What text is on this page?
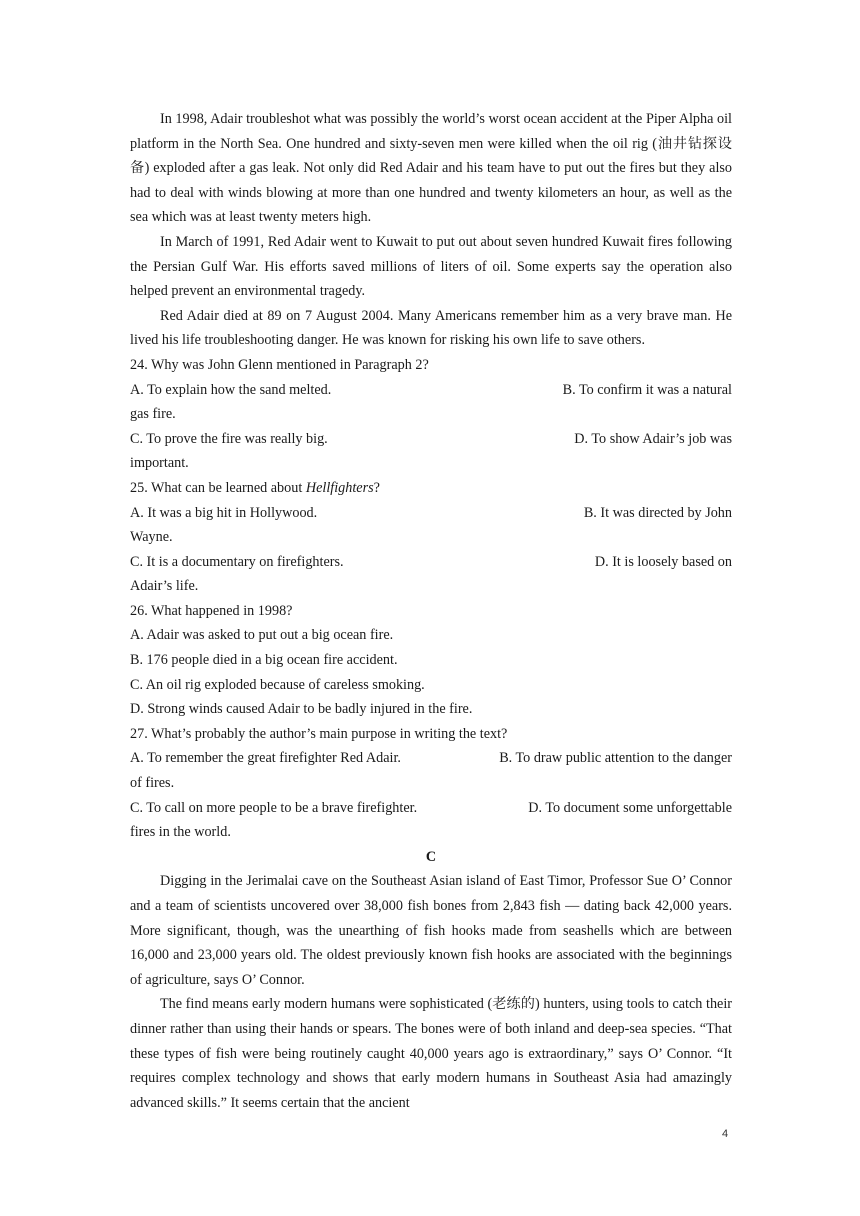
In 1998, Adair troubleshot what was possibly the world’s worst ocean accident at the Piper Alpha oil platform in the North Sea. One hundred and sixty-seven men were killed when the oil rig (油井钻探设备) exploded after a gas leak. Not only did Red Adair and his team have to put out the fires but they also had to deal with winds blowing at more than one hundred and twenty kilometers an hour, as well as the sea which was at least twenty meters high.

In March of 1991, Red Adair went to Kuwait to put out about seven hundred Kuwait fires following the Persian Gulf War. His efforts saved millions of liters of oil. Some experts say the operation also helped prevent an environmental tragedy.

Red Adair died at 89 on 7 August 2004. Many Americans remember him as a very brave man. He lived his life troubleshooting danger. He was known for risking his own life to save others.

24. Why was John Glenn mentioned in Paragraph 2?

A. To explain how the sand melted.	B. To confirm it was a natural

gas fire.

C. To prove the fire was really big.	D. To show Adair’s job was

important.

25. What can be learned about Hellfighters?

A. It was a big hit in Hollywood.	B. It was directed by John

Wayne.

C. It is a documentary on firefighters.	D. It is loosely based on

Adair’s life.

26. What happened in 1998?

A. Adair was asked to put out a big ocean fire.

B. 176 people died in a big ocean fire accident.

C. An oil rig exploded because of careless smoking.

D. Strong winds caused Adair to be badly injured in the fire.

27. What’s probably the author’s main purpose in writing the text?

A. To remember the great firefighter Red Adair.	B. To draw public attention to the danger

of fires.

C. To call on more people to be a brave firefighter.	D. To document some unforgettable

fires in the world.

C

Digging in the Jerimalai cave on the Southeast Asian island of East Timor, Professor Sue O’ Connor and a team of scientists uncovered over 38,000 fish bones from 2,843 fish — dating back 42,000 years. More significant, though, was the unearthing of fish hooks made from seashells which are between 16,000 and 23,000 years old. The oldest previously known fish hooks are associated with the beginnings of agriculture, says O’ Connor.

The find means early modern humans were sophisticated (老练的) hunters, using tools to catch their dinner rather than using their hands or spears. The bones were of both inland and deep-sea species. “That these types of fish were being routinely caught 40,000 years ago is extraordinary,” says O’ Connor. “It requires complex technology and shows that early modern humans in Southeast Asia had amazingly advanced skills.” It seems certain that the ancient

4
